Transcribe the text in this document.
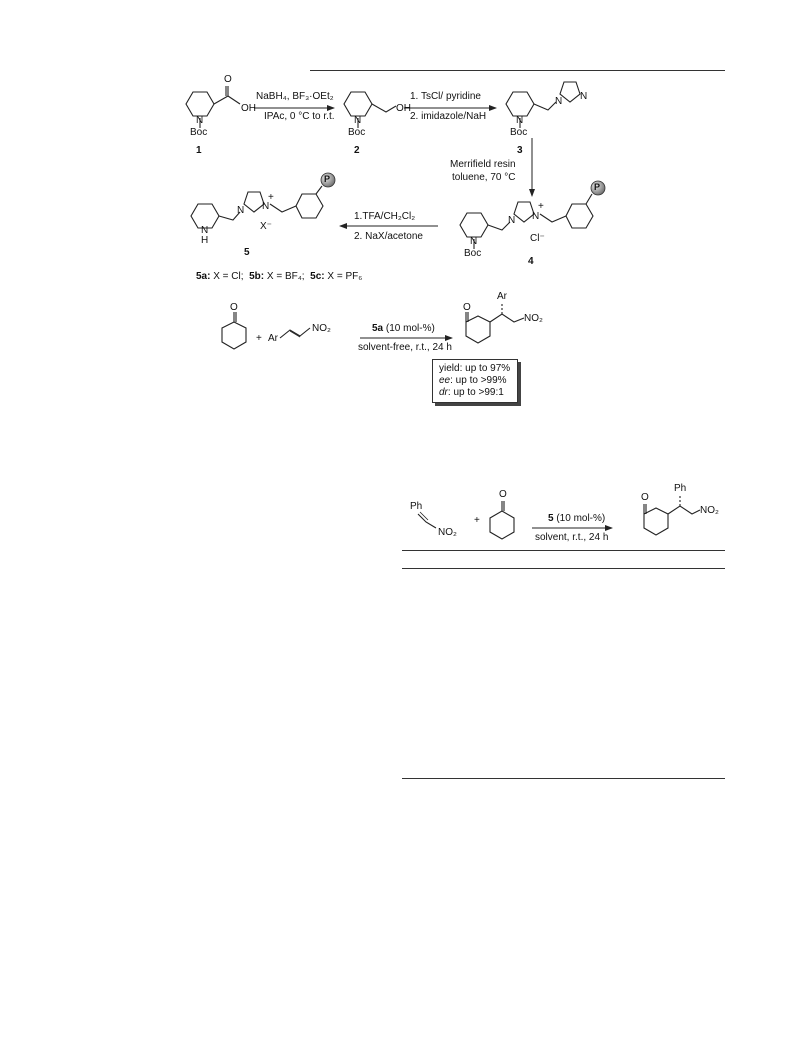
O
OH
N
Boc
1
NaBH₄, BF₃·OEt₂
IPAc, 0 °C to r.t.
OH
N
Boc
2
1. TsCl/ pyridine
2. imidazole/NaH
N N
N
Boc
3
Merrifield resin
toluene, 70 °C
N N
+
Cl⁻
N
Boc
4
P
1.TFA/CH₂Cl₂
2. NaX/acetone
N
H
N N
+
X⁻
5
P
5a: X = Cl; 5b: X = BF₄; 5c: X = PF₆
O
+ Ar
NO₂	5a (10 mol-%)
solvent-free, r.t., 24 h
O
Ar
NO₂
yield: up to 97%
ee: up to >99%
dr: up to >99:1
Ph
NO₂
+
O
5 (10 mol-%)
solvent, r.t., 24 h
O
Ph
NO₂
